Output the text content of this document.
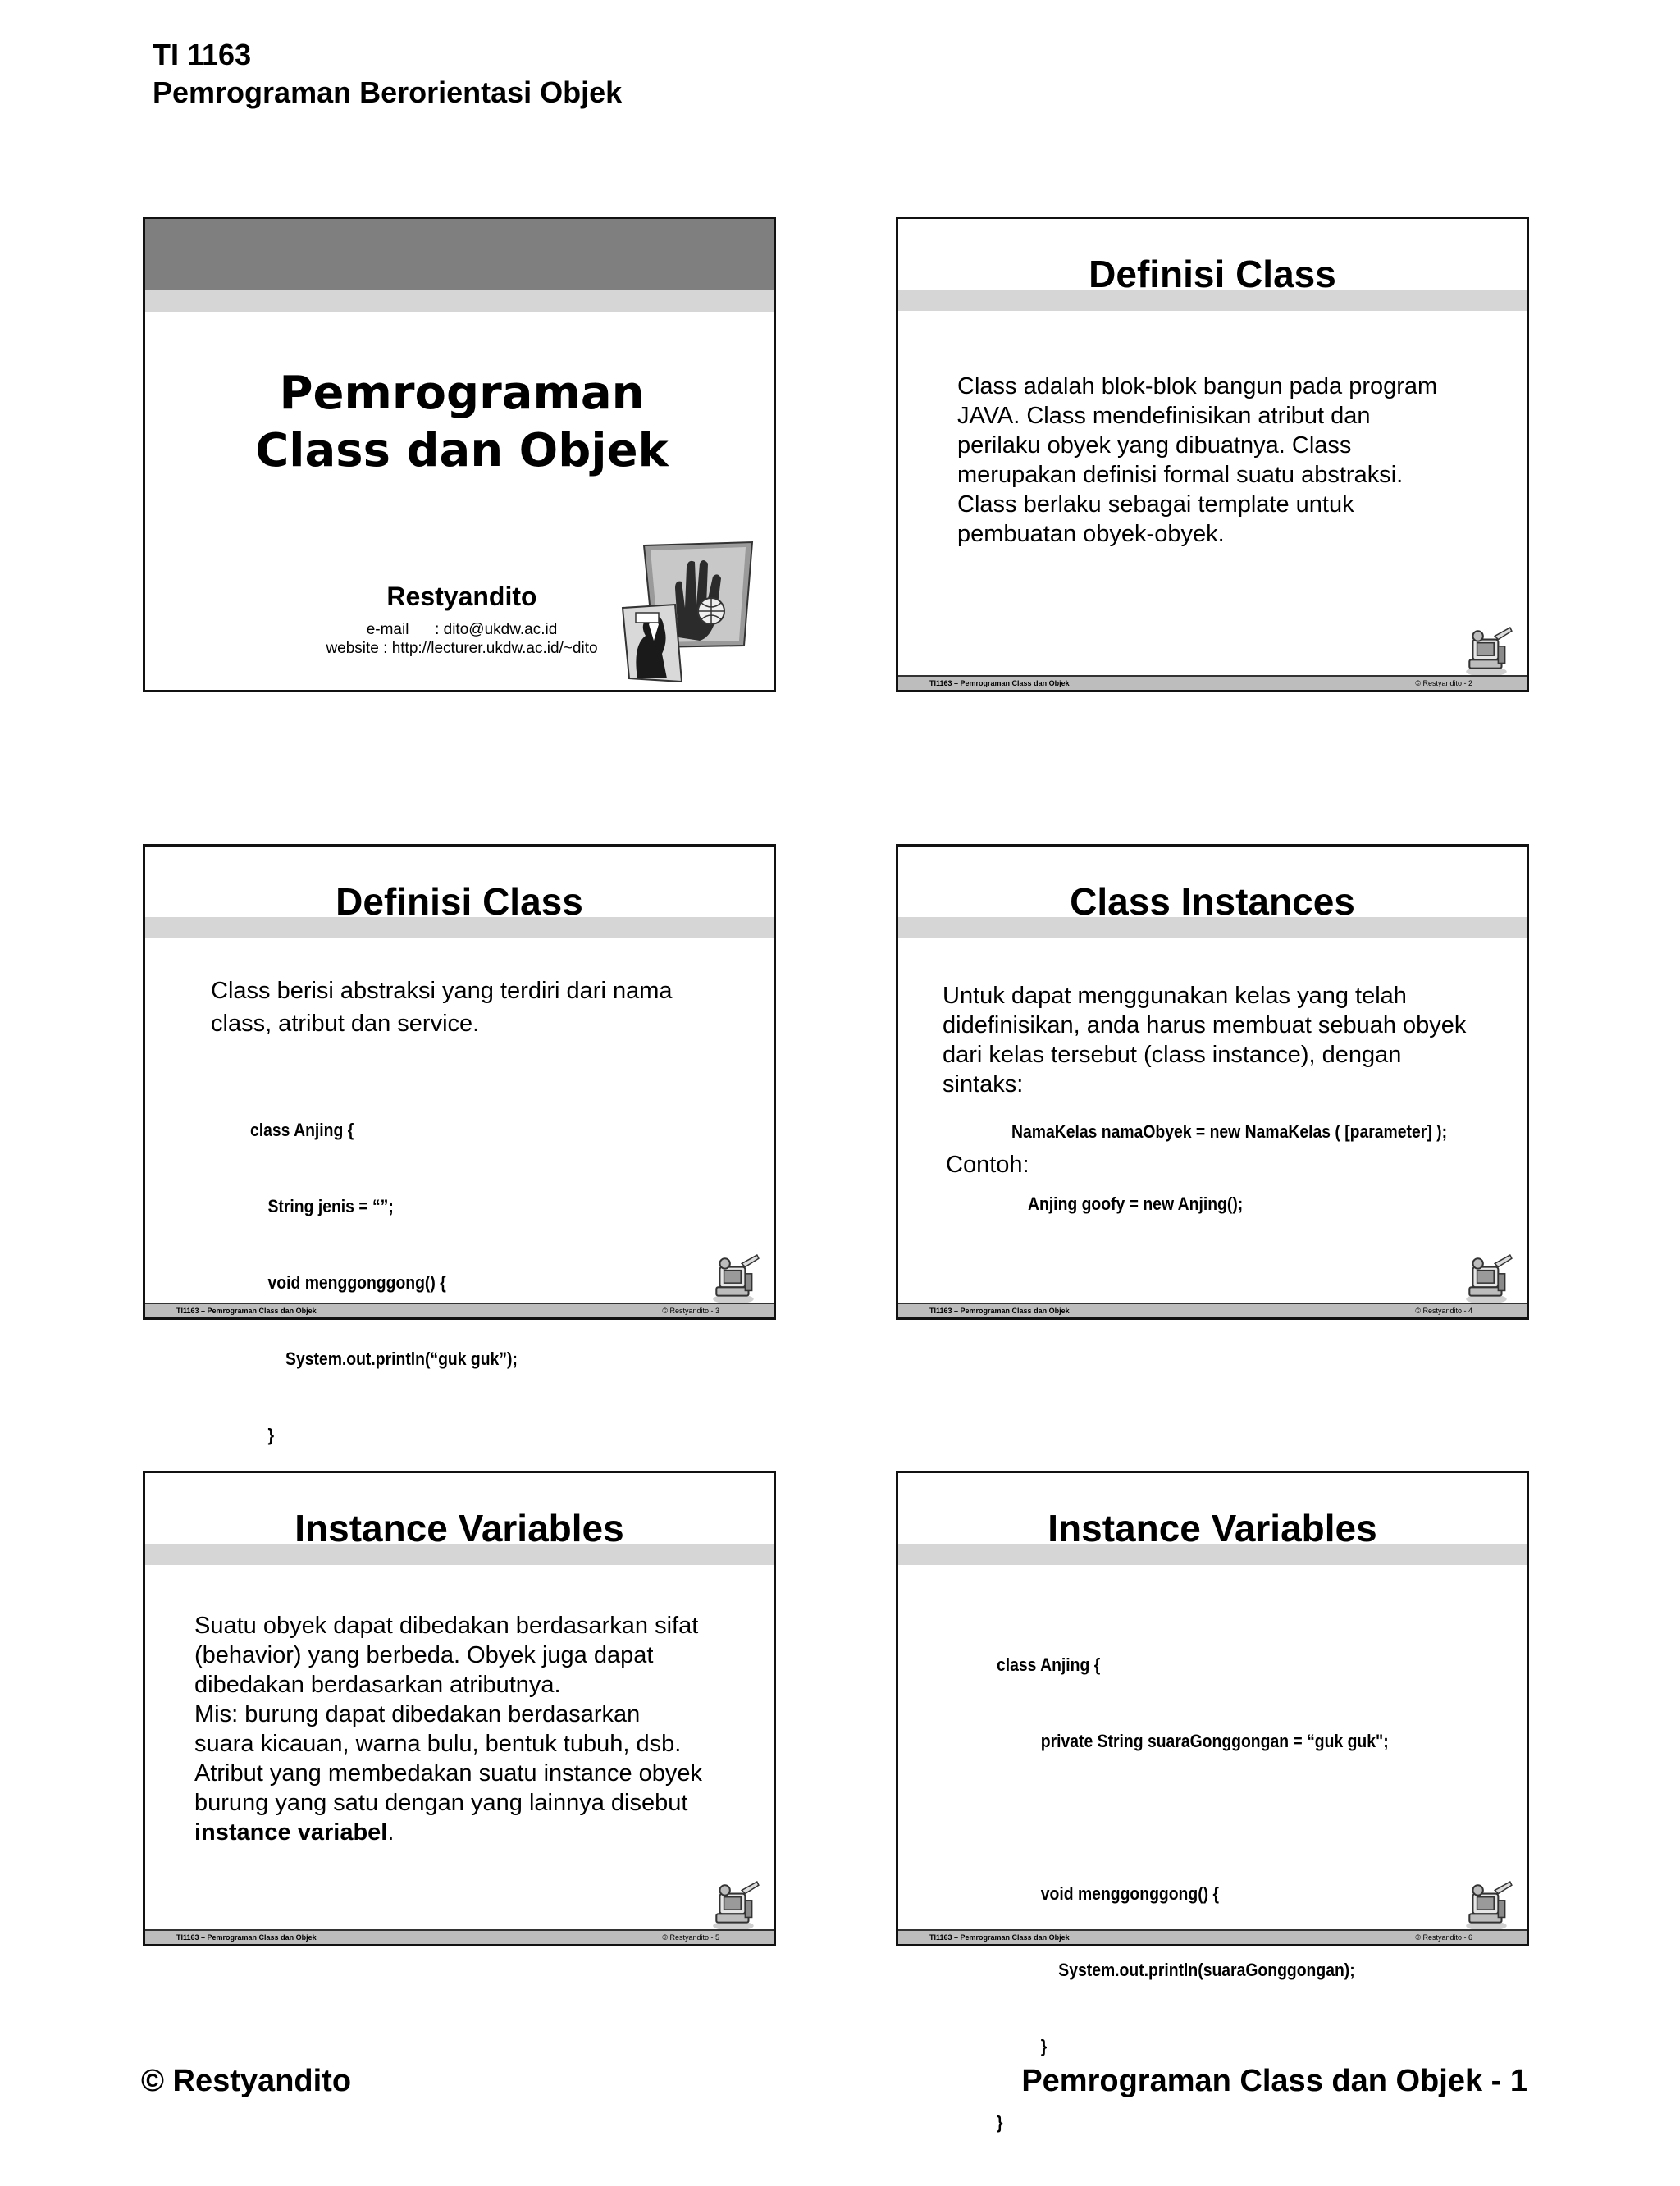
TI 1163
Pemrograman Berorientasi Objek
Pemrograman
Class dan Objek
Restyandito
e-mail      : dito@ukdw.ac.id
website : http://lecturer.ukdw.ac.id/~dito
Definisi Class
Class adalah blok-blok bangun pada program
JAVA. Class mendefinisikan atribut dan
perilaku obyek yang dibuatnya. Class
merupakan definisi formal suatu abstraksi.
Class berlaku sebagai template untuk
pembuatan obyek-obyek.
TI1163 – Pemrograman Class dan Objek	© Restyandito - 2
Definisi Class
Class berisi abstraksi yang terdiri dari nama
class, atribut dan service.

class Anjing {

String jenis = “”;

void menggonggong() {

System.out.println(“guk guk”);

}

TI1163 – Pemrograman Class dan Objek	© Restyandito - 3
Class Instances
Untuk dapat menggunakan kelas yang telah
didefinisikan, anda harus membuat sebuah obyek
dari kelas tersebut (class instance), dengan
sintaks:
NamaKelas namaObyek = new NamaKelas ( [parameter] );
Contoh:
Anjing goofy = new Anjing();
TI1163 – Pemrograman Class dan Objek	© Restyandito - 4
Instance Variables
Suatu obyek dapat dibedakan berdasarkan sifat
(behavior) yang berbeda. Obyek juga dapat
dibedakan berdasarkan atributnya.
Mis: burung dapat dibedakan berdasarkan
suara kicauan, warna bulu, bentuk tubuh, dsb.
Atribut yang membedakan suatu instance obyek
burung yang satu dengan yang lainnya disebut
instance variabel.
TI1163 – Pemrograman Class dan Objek	© Restyandito - 5
Instance Variables

class Anjing {

private String suaraGonggongan = “guk guk";

void menggonggong() {

System.out.println(suaraGonggongan);

}

}

TI1163 – Pemrograman Class dan Objek	© Restyandito - 6
© Restyandito	Pemrograman Class dan Objek - 1
